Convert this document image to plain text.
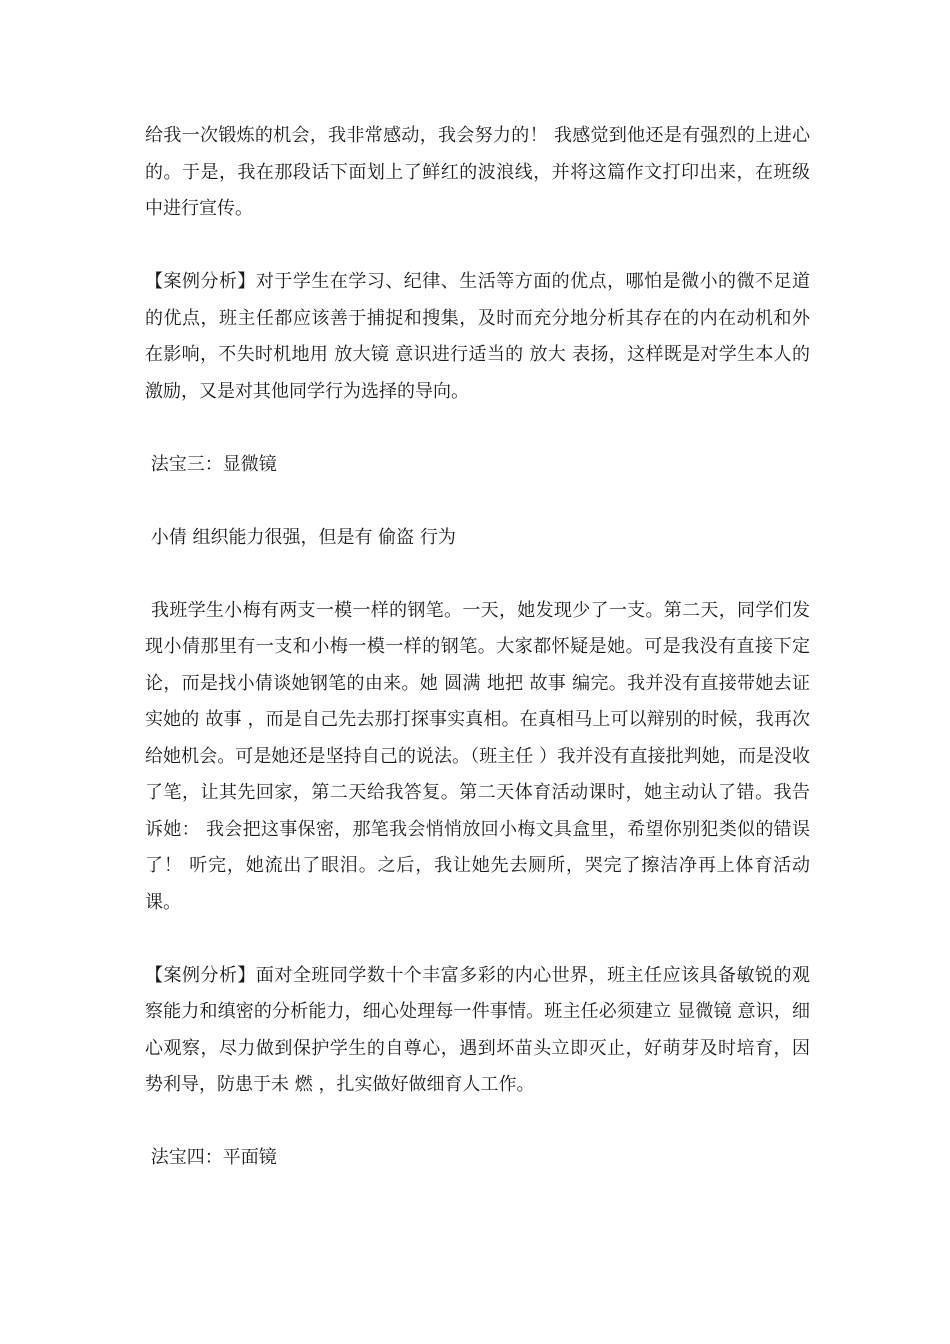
给我一次锻炼的机会，我非常感动，我会努力的！ 我感觉到他还是有强烈的上进心的。于是，我在那段话下面划上了鲜红的波浪线，并将这篇作文打印出来，在班级中进行宣传。

【案例分析】对于学生在学习、纪律、生活等方面的优点，哪怕是微小的微不足道的优点，班主任都应该善于捕捉和搜集，及时而充分地分析其存在的内在动机和外在影响，不失时机地用 放大镜 意识进行适当的 放大 表扬，这样既是对学生本人的激励，又是对其他同学行为选择的导向。

法宝三：显微镜

小倩 组织能力很强，但是有 偷盗 行为

我班学生小梅有两支一模一样的钢笔。一天，她发现少了一支。第二天，同学们发现小倩那里有一支和小梅一模一样的钢笔。大家都怀疑是她。可是我没有直接下定论，而是找小倩谈她钢笔的由来。她 圆满 地把 故事 编完。我并没有直接带她去证实她的 故事 ，而是自己先去那打探事实真相。在真相马上可以辩别的时候，我再次给她机会。可是她还是坚持自己的说法。（班主任 ）我并没有直接批判她，而是没收了笔，让其先回家，第二天给我答复。第二天体育活动课时，她主动认了错。我告诉她： 我会把这事保密，那笔我会悄悄放回小梅文具盒里，希望你别犯类似的错误了！ 听完，她流出了眼泪。之后，我让她先去厕所，哭完了擦洁净再上体育活动课。

【案例分析】面对全班同学数十个丰富多彩的内心世界，班主任应该具备敏锐的观察能力和缜密的分析能力，细心处理每一件事情。班主任必须建立 显微镜 意识，细心观察，尽力做到保护学生的自尊心，遇到坏苗头立即灭止，好萌芽及时培育，因势利导，防患于未 燃 ，扎实做好做细育人工作。

法宝四：平面镜
